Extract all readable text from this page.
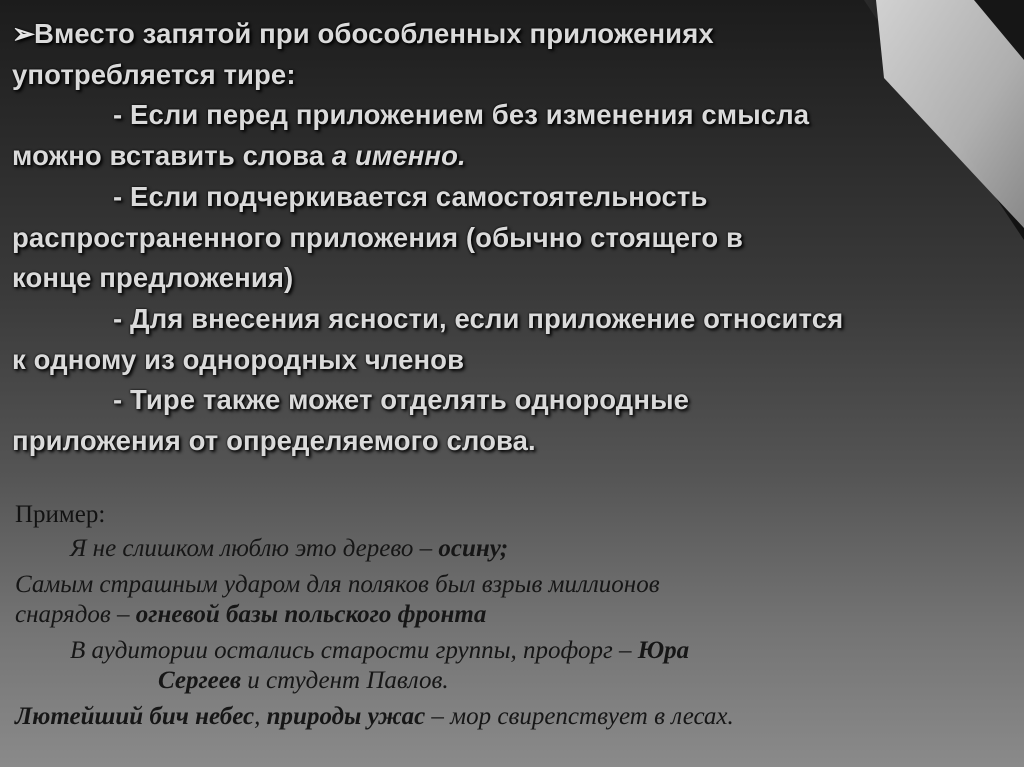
➢Вместо запятой при обособленных приложениях
употребляется тире:
- Если перед приложением без изменения смысла
можно вставить слова а именно.
- Если подчеркивается самостоятельность
распространенного приложения (обычно стоящего в
конце предложения)
- Для внесения ясности, если приложение относится
к одному из однородных членов
- Тире также может отделять однородные
приложения от определяемого слова.
Пример:

Я не слишком люблю это дерево – осину;

Самым страшным ударом для поляков был взрыв миллионов
снарядов – огневой базы польского фронта

В аудитории остались старости группы, профорг – Юра
Сергеев и студент Павлов.

Лютейший бич небес, природы ужас – мор свирепствует в лесах.
